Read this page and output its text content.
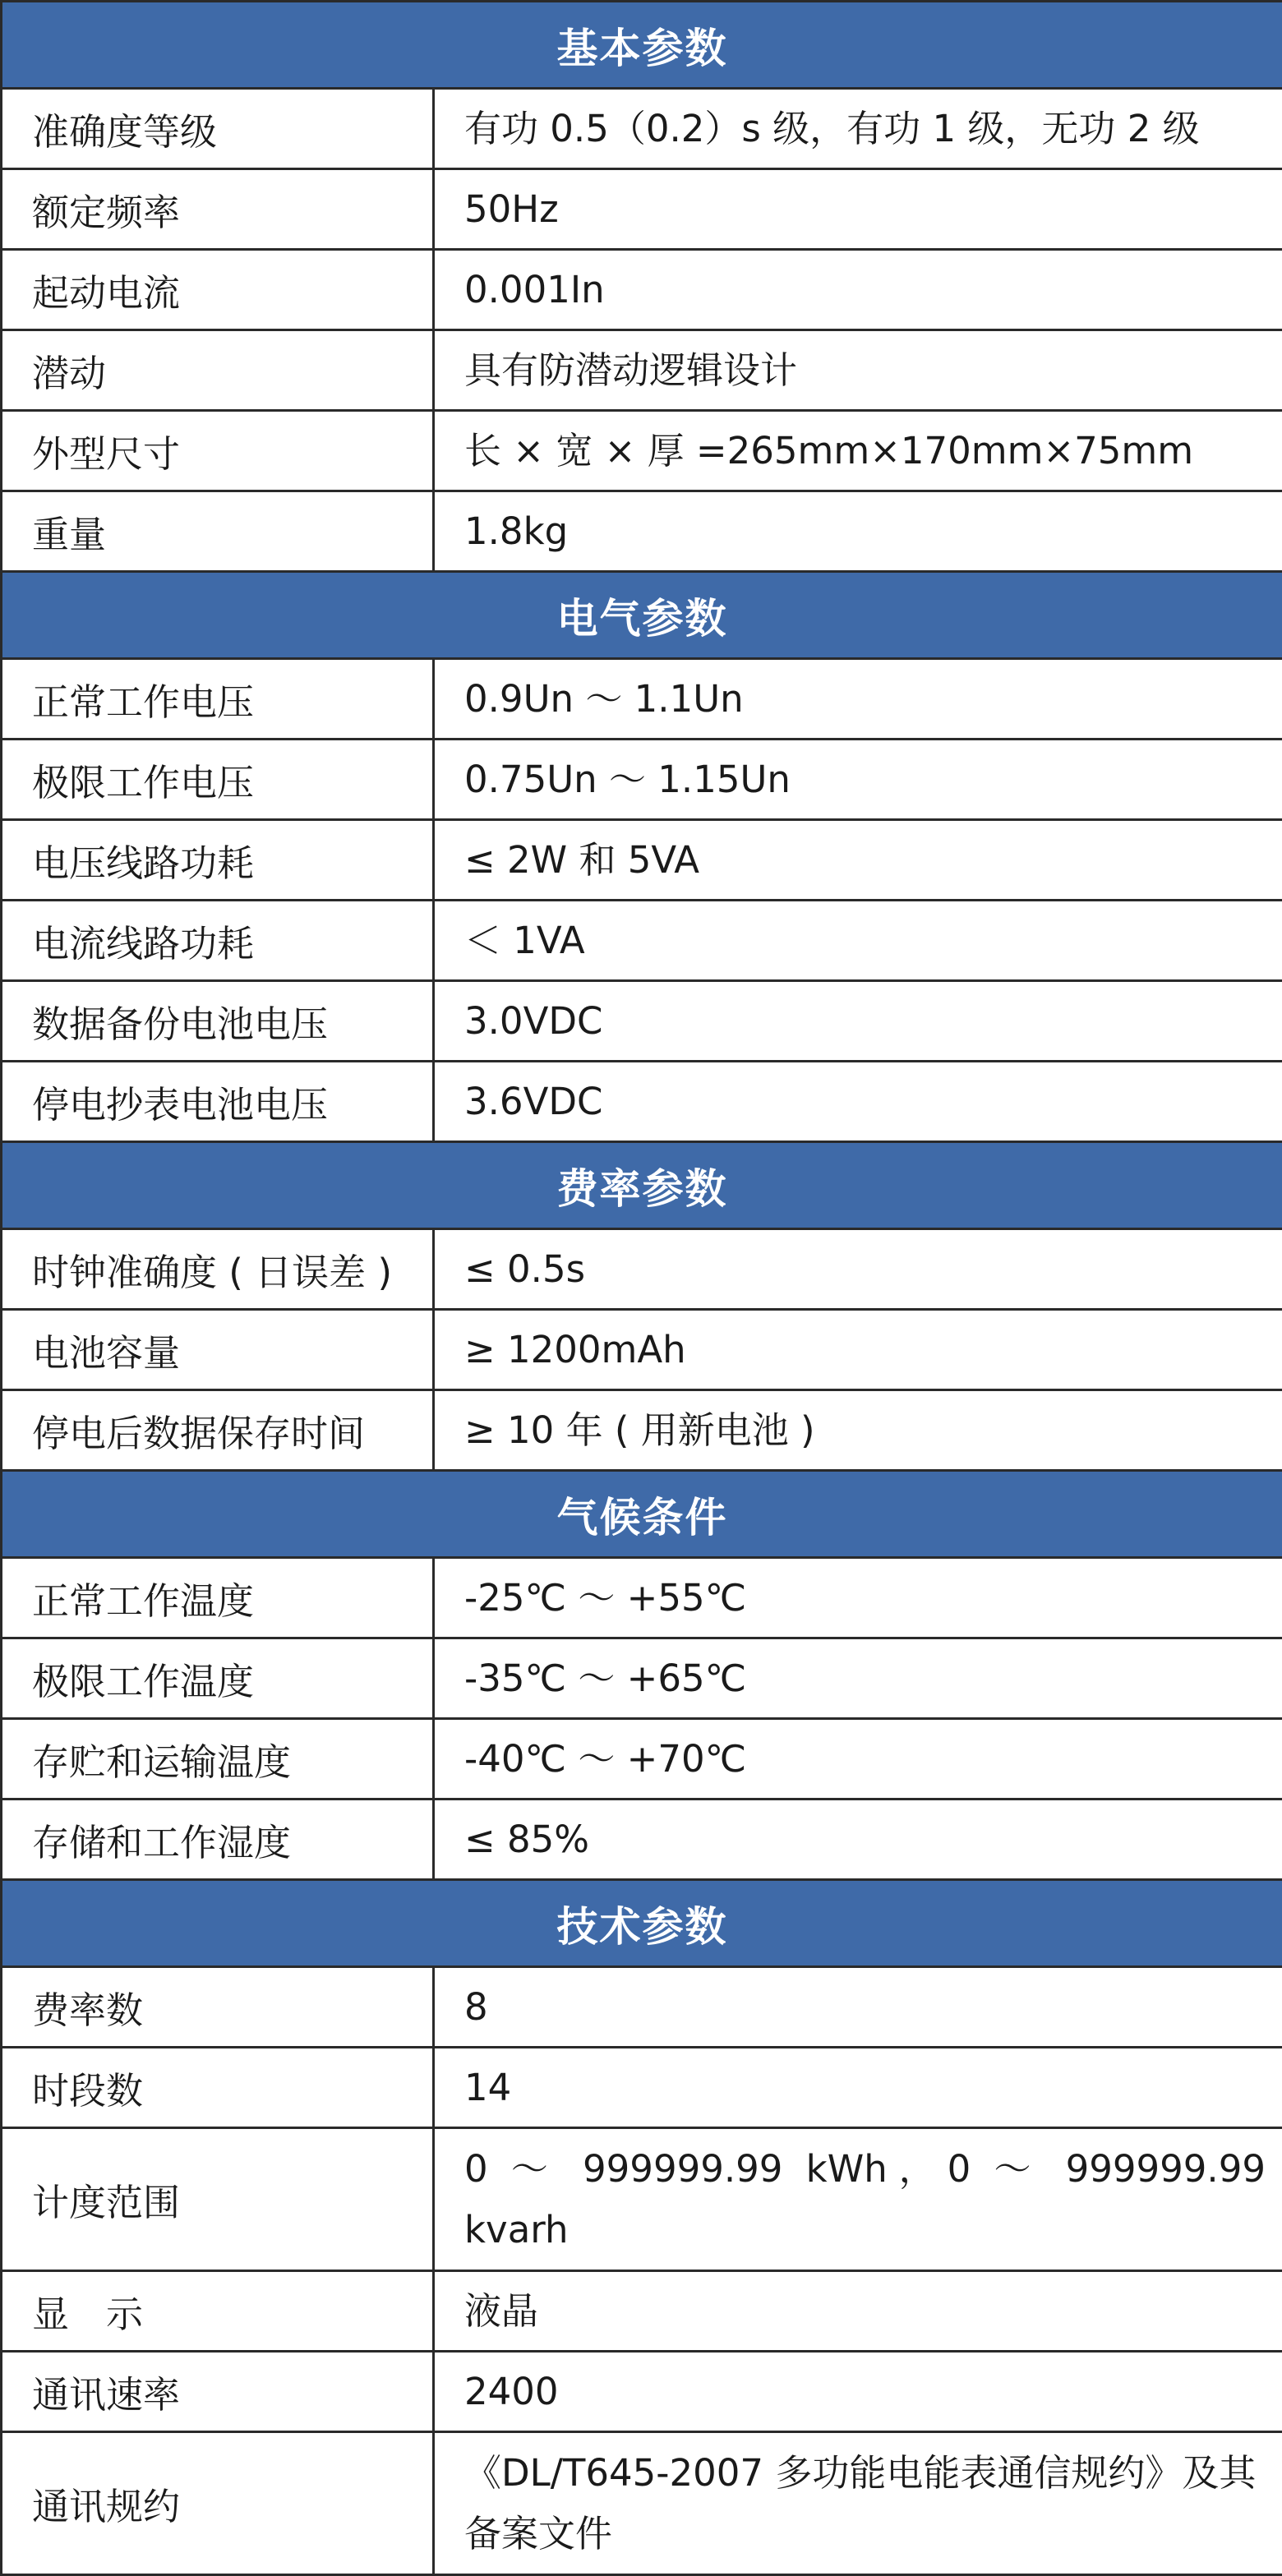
基本参数	
准确度等级	有功 0.5（0.2）s 级，有功 1 级，无功 2 级
额定频率	50Hz
起动电流	0.001In
潜动	具有防潜动逻辑设计
外型尺寸	长 × 宽 × 厚 =265mm×170mm×75mm
重量	1.8kg
电气参数	
正常工作电压	0.9Un ～ 1.1Un
极限工作电压	0.75Un ～ 1.15Un
电压线路功耗	≤ 2W 和 5VA
电流线路功耗	＜ 1VA
数据备份电池电压	3.0VDC
停电抄表电池电压	3.6VDC
费率参数	
时钟准确度 ( 日误差 )	≤ 0.5s
电池容量	≥ 1200mAh
停电后数据保存时间	≥ 10 年 ( 用新电池 )
气候条件	
正常工作温度	-25℃ ～ +55℃
极限工作温度	-35℃ ～ +65℃
存贮和运输温度	-40℃ ～ +70℃
存储和工作湿度	≤ 85%
技术参数	
费率数	8
时段数	14
计度范围	0 ～ 999999.99 kWh，0 ～ 999999.99 kvarh
显　示	液晶
通讯速率	2400
通讯规约	《DL/T645-2007 多功能电能表通信规约》及其备案文件
